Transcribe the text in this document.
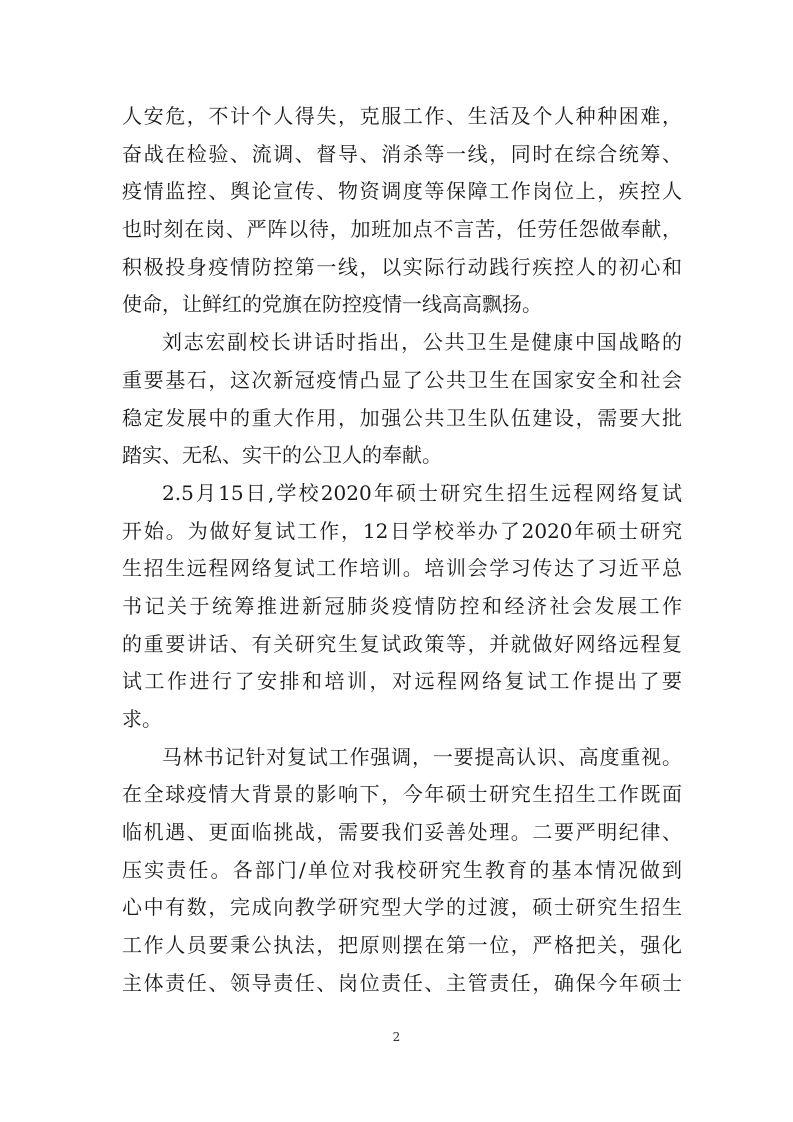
人安危，不计个人得失，克服工作、生活及个人种种困难，
奋战在检验、流调、督导、消杀等一线，同时在综合统筹、
疫情监控、舆论宣传、物资调度等保障工作岗位上，疾控人
也时刻在岗、严阵以待，加班加点不言苦，任劳任怨做奉献，
积极投身疫情防控第一线，以实际行动践行疾控人的初心和
使命，让鲜红的党旗在防控疫情一线高高飘扬。
刘志宏副校长讲话时指出，公共卫生是健康中国战略的
重要基石，这次新冠疫情凸显了公共卫生在国家安全和社会
稳定发展中的重大作用，加强公共卫生队伍建设，需要大批
踏实、无私、实干的公卫人的奉献。
2.5月15日,学校2020年硕士研究生招生远程网络复试
开始。为做好复试工作，12日学校举办了2020年硕士研究
生招生远程网络复试工作培训。培训会学习传达了习近平总
书记关于统筹推进新冠肺炎疫情防控和经济社会发展工作
的重要讲话、有关研究生复试政策等，并就做好网络远程复
试工作进行了安排和培训，对远程网络复试工作提出了要
求。
马林书记针对复试工作强调，一要提高认识、高度重视。
在全球疫情大背景的影响下，今年硕士研究生招生工作既面
临机遇、更面临挑战，需要我们妥善处理。二要严明纪律、
压实责任。各部门/单位对我校研究生教育的基本情况做到
心中有数，完成向教学研究型大学的过渡，硕士研究生招生
工作人员要秉公执法，把原则摆在第一位，严格把关，强化
主体责任、领导责任、岗位责任、主管责任，确保今年硕士
2
